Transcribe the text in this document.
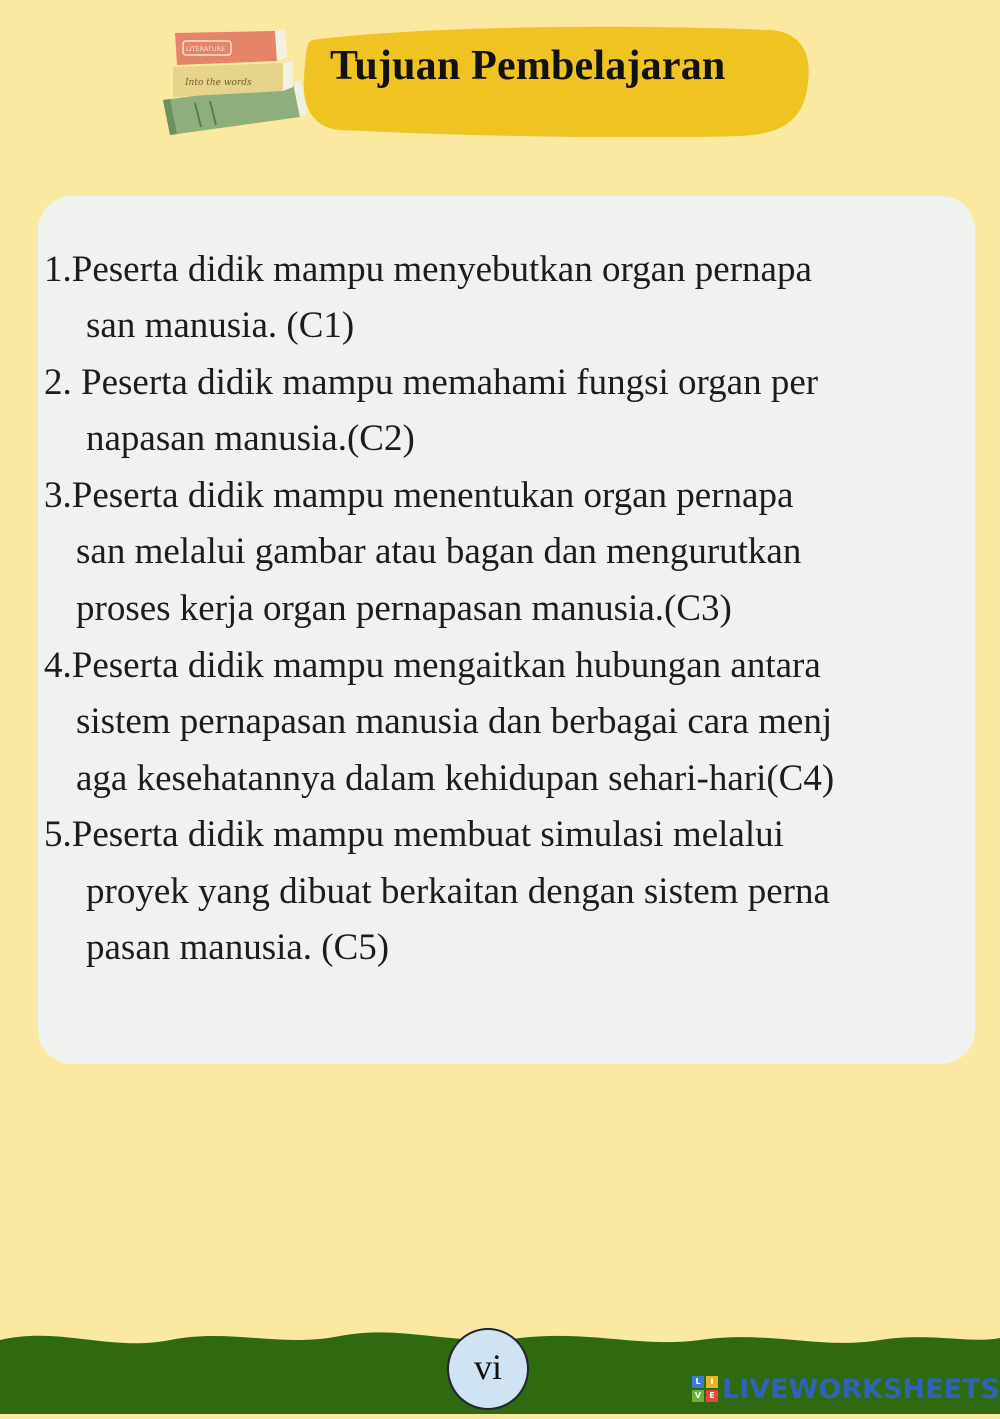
Tujuan Pembelajaran
Into the words
LITERATURE
1.Peserta didik mampu menyebutkan organ pernapa
san manusia. (C1)
2. Peserta didik mampu memahami fungsi organ per
napasan manusia.(C2)
3.Peserta didik mampu menentukan organ pernapa
san melalui gambar atau bagan dan mengurutkan
proses kerja organ pernapasan manusia.(C3)
4.Peserta didik mampu mengaitkan hubungan antara
sistem pernapasan manusia dan berbagai cara menj
aga kesehatannya dalam kehidupan sehari-hari(C4)
5.Peserta didik mampu membuat simulasi melalui
proyek yang dibuat berkaitan dengan sistem perna
pasan manusia. (C5)
vi	L	I
V	E LIVEWORKSHEETS
